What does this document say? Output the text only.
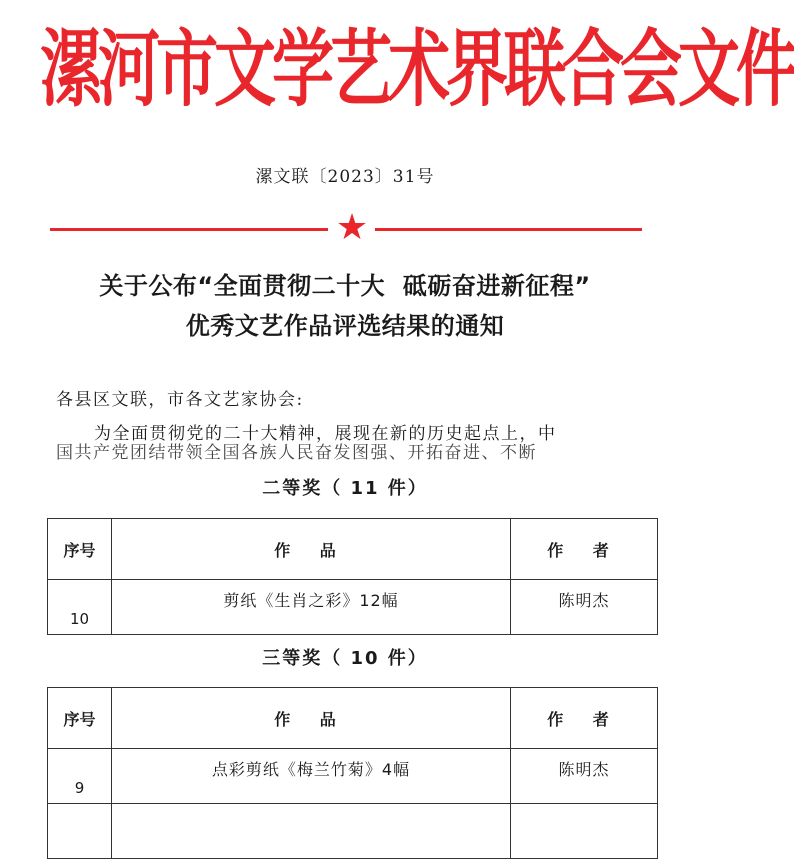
漯河市文学艺术界联合会文件
漯文联〔2023〕31号
★
关于公布“全面贯彻二十大  砥砺奋进新征程”
优秀文艺作品评选结果的通知
各县区文联，市各文艺家协会:
为全面贯彻党的二十大精神，展现在新的历史起点上，中
国共产党团结带领全国各族人民奋发图强、开拓奋进、不断
二等奖（ 11 件）
序号	作 品	作 者
10	剪纸《生肖之彩》12幅	陈明杰
三等奖（ 10 件）
序号	作 品	作 者
9	点彩剪纸《梅兰竹菊》4幅	陈明杰
